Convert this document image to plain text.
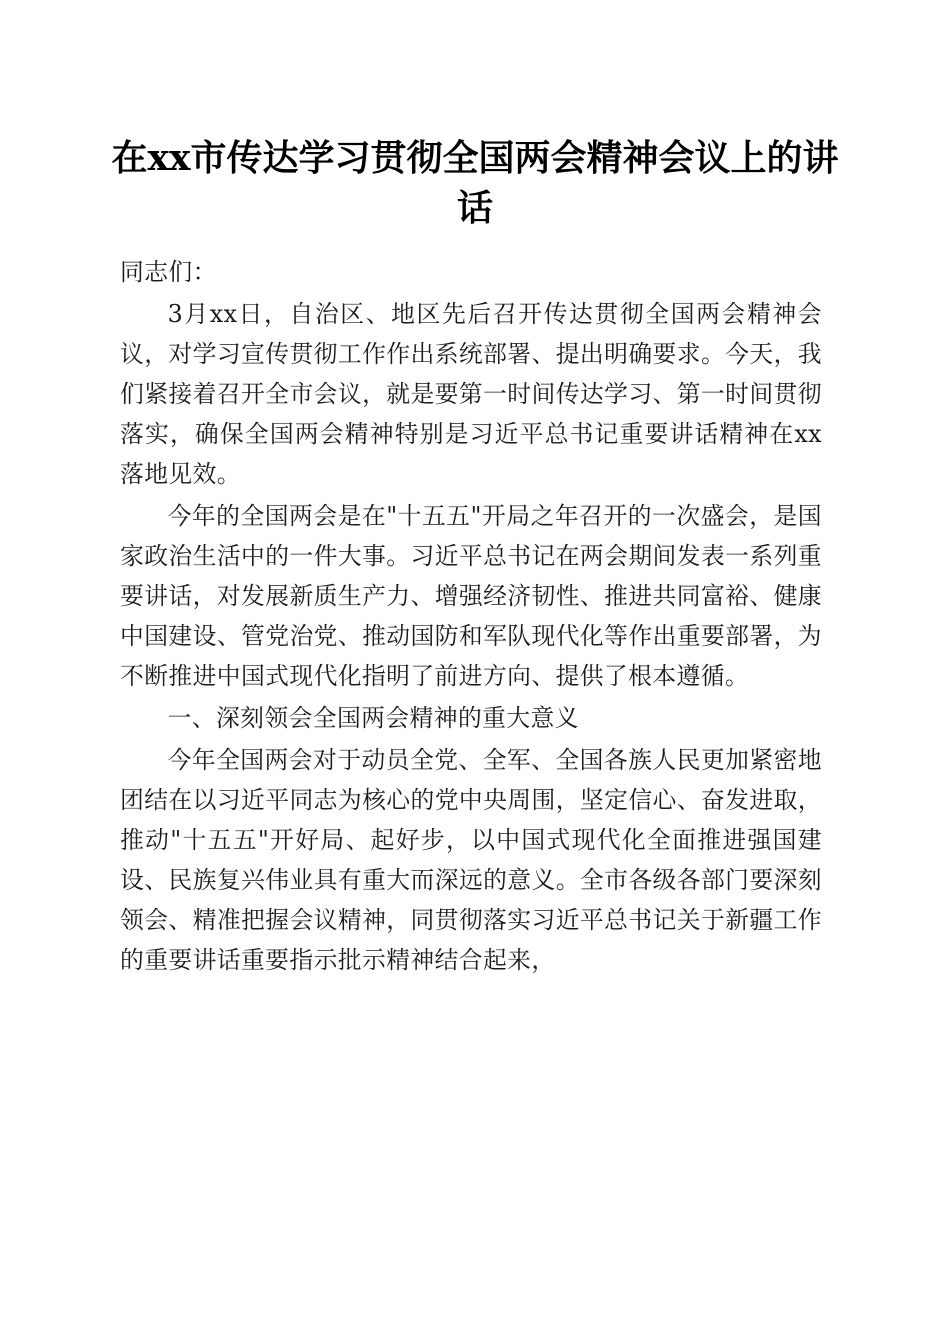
在xx市传达学习贯彻全国两会精神会议上的讲话

同志们：

3月xx日，自治区、地区先后召开传达贯彻全国两会精神会议，对学习宣传贯彻工作作出系统部署、提出明确要求。今天，我们紧接着召开全市会议，就是要第一时间传达学习、第一时间贯彻落实，确保全国两会精神特别是习近平总书记重要讲话精神在xx落地见效。

今年的全国两会是在"十五五"开局之年召开的一次盛会，是国家政治生活中的一件大事。习近平总书记在两会期间发表一系列重要讲话，对发展新质生产力、增强经济韧性、推进共同富裕、健康中国建设、管党治党、推动国防和军队现代化等作出重要部署，为不断推进中国式现代化指明了前进方向、提供了根本遵循。

一、深刻领会全国两会精神的重大意义

今年全国两会对于动员全党、全军、全国各族人民更加紧密地团结在以习近平同志为核心的党中央周围，坚定信心、奋发进取，推动"十五五"开好局、起好步，以中国式现代化全面推进强国建设、民族复兴伟业具有重大而深远的意义。全市各级各部门要深刻领会、精准把握会议精神，同贯彻落实习近平总书记关于新疆工作的重要讲话重要指示批示精神结合起来，
